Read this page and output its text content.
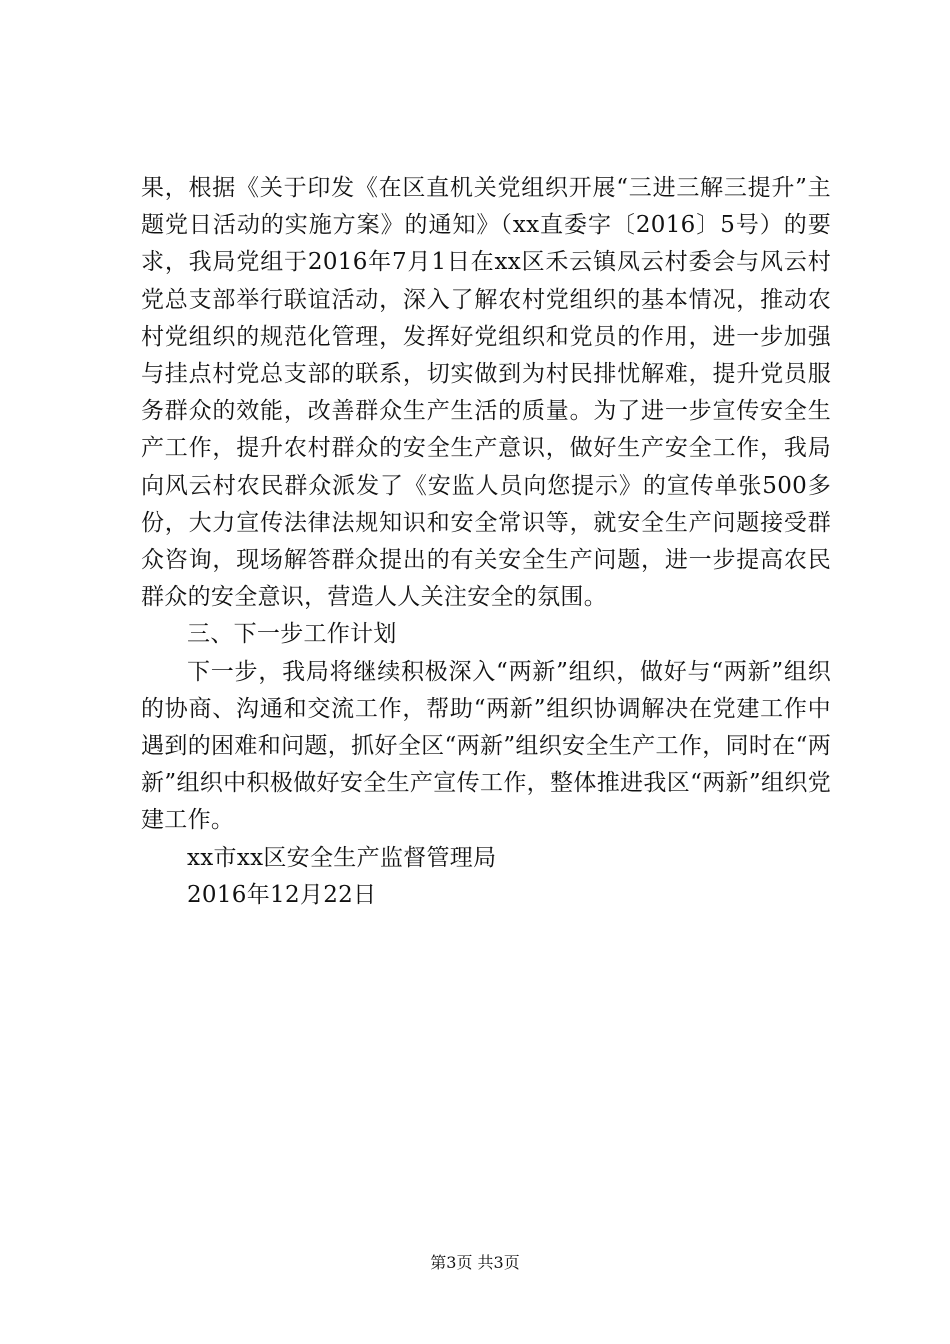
果，根据《关于印发《在区直机关党组织开展“三进三解三提升”主题党日活动的实施方案》的通知》（xx直委字〔2016〕5号）的要求，我局党组于2016年7月1日在xx区禾云镇凤云村委会与风云村党总支部举行联谊活动，深入了解农村党组织的基本情况，推动农村党组织的规范化管理，发挥好党组织和党员的作用，进一步加强与挂点村党总支部的联系，切实做到为村民排忧解难，提升党员服务群众的效能，改善群众生产生活的质量。为了进一步宣传安全生产工作，提升农村群众的安全生产意识，做好生产安全工作，我局向风云村农民群众派发了《安监人员向您提示》的宣传单张500多份，大力宣传法律法规知识和安全常识等，就安全生产问题接受群众咨询，现场解答群众提出的有关安全生产问题，进一步提高农民群众的安全意识，营造人人关注安全的氛围。

三、下一步工作计划

下一步，我局将继续积极深入“两新”组织，做好与“两新”组织的协商、沟通和交流工作，帮助“两新”组织协调解决在党建工作中遇到的困难和问题，抓好全区“两新”组织安全生产工作，同时在“两新”组织中积极做好安全生产宣传工作，整体推进我区“两新”组织党建工作。

xx市xx区安全生产监督管理局

2016年12月22日

第3页 共3页
